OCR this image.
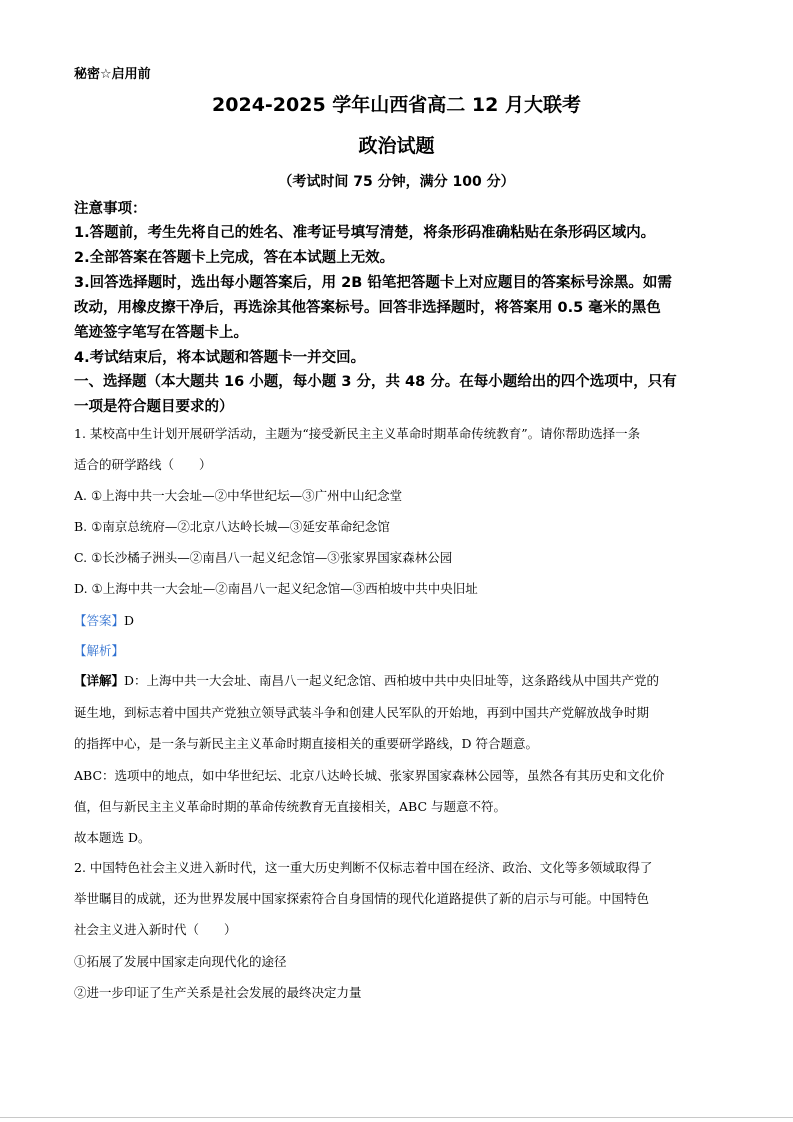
秘密☆启用前
2024-2025 学年山西省高二 12 月大联考
政治试题
（考试时间 75 分钟，满分 100 分）
注意事项：
1.答题前，考生先将自己的姓名、准考证号填写清楚，将条形码准确粘贴在条形码区域内。
2.全部答案在答题卡上完成，答在本试题上无效。
3.回答选择题时，选出每小题答案后，用 2B 铅笔把答题卡上对应题目的答案标号涂黑。如需
改动，用橡皮擦干净后，再选涂其他答案标号。回答非选择题时，将答案用 0.5 毫米的黑色
笔迹签字笔写在答题卡上。
4.考试结束后，将本试题和答题卡一并交回。
一、选择题（本大题共 16 小题，每小题 3 分，共 48 分。在每小题给出的四个选项中，只有
一项是符合题目要求的）
1. 某校高中生计划开展研学活动，主题为“接受新民主主义革命时期革命传统教育”。请你帮助选择一条
适合的研学路线（　　）
A. ①上海中共一大会址—②中华世纪坛—③广州中山纪念堂
B. ①南京总统府—②北京八达岭长城—③延安革命纪念馆
C. ①长沙橘子洲头—②南昌八一起义纪念馆—③张家界国家森林公园
D. ①上海中共一大会址—②南昌八一起义纪念馆—③西柏坡中共中央旧址
【答案】D
【解析】
【详解】D：上海中共一大会址、南昌八一起义纪念馆、西柏坡中共中央旧址等，这条路线从中国共产党的
诞生地，到标志着中国共产党独立领导武装斗争和创建人民军队的开始地，再到中国共产党解放战争时期
的指挥中心，是一条与新民主主义革命时期直接相关的重要研学路线，D 符合题意。
ABC：选项中的地点，如中华世纪坛、北京八达岭长城、张家界国家森林公园等，虽然各有其历史和文化价
值，但与新民主主义革命时期的革命传统教育无直接相关，ABC 与题意不符。
故本题选 D。
2. 中国特色社会主义进入新时代，这一重大历史判断不仅标志着中国在经济、政治、文化等多领域取得了
举世瞩目的成就，还为世界发展中国家探索符合自身国情的现代化道路提供了新的启示与可能。中国特色
社会主义进入新时代（　　）
①拓展了发展中国家走向现代化的途径
②进一步印证了生产关系是社会发展的最终决定力量
